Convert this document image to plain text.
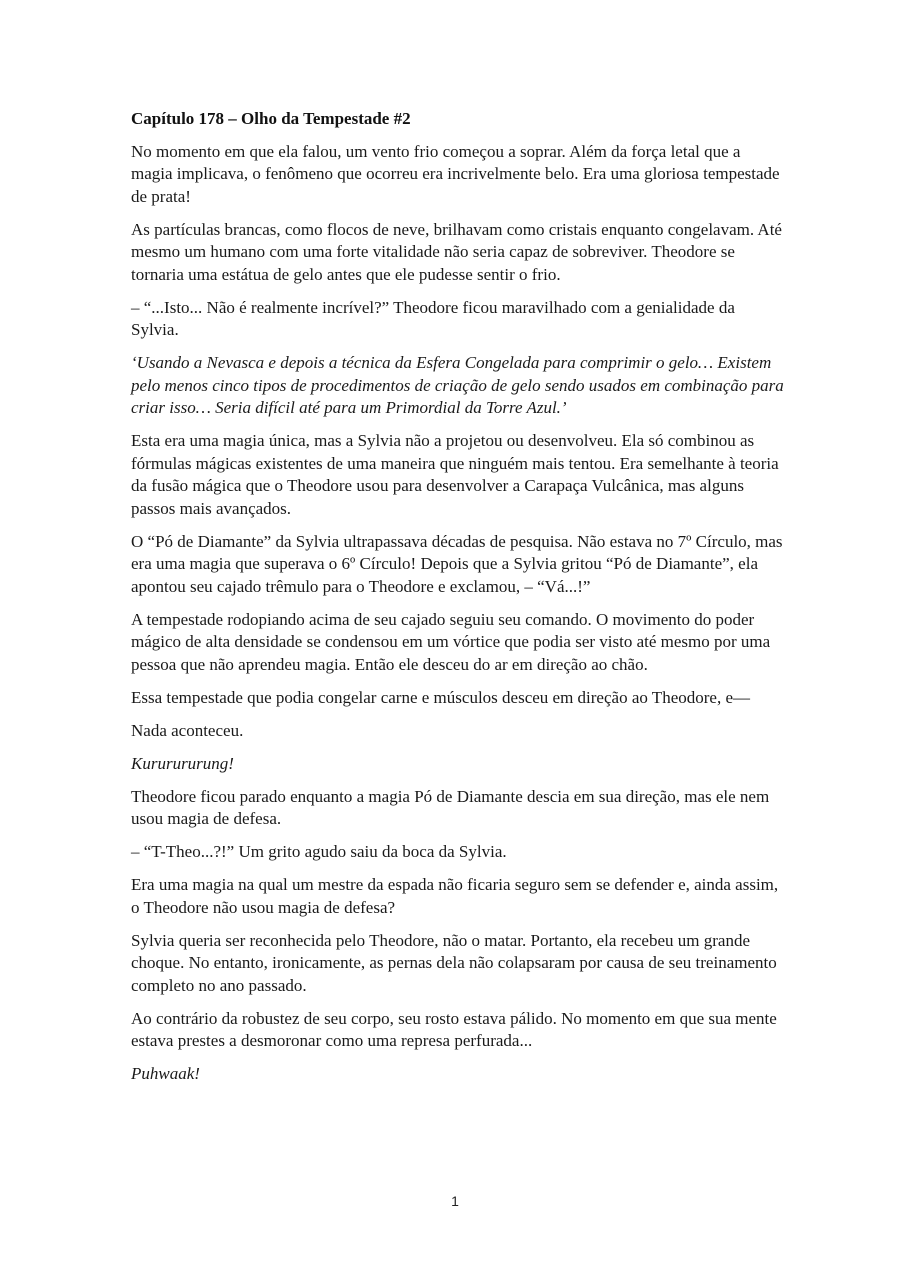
Capítulo 178 – Olho da Tempestade #2

No momento em que ela falou, um vento frio começou a soprar. Além da força letal que a magia implicava, o fenômeno que ocorreu era incrivelmente belo. Era uma gloriosa tempestade de prata!

As partículas brancas, como flocos de neve, brilhavam como cristais enquanto congelavam. Até mesmo um humano com uma forte vitalidade não seria capaz de sobreviver. Theodore se tornaria uma estátua de gelo antes que ele pudesse sentir o frio.

– “...Isto... Não é realmente incrível?” Theodore ficou maravilhado com a genialidade da Sylvia.

‘Usando a Nevasca e depois a técnica da Esfera Congelada para comprimir o gelo… Existem pelo menos cinco tipos de procedimentos de criação de gelo sendo usados em combinação para criar isso… Seria difícil até para um Primordial da Torre Azul.’

Esta era uma magia única, mas a Sylvia não a projetou ou desenvolveu. Ela só combinou as fórmulas mágicas existentes de uma maneira que ninguém mais tentou. Era semelhante à teoria da fusão mágica que o Theodore usou para desenvolver a Carapaça Vulcânica, mas alguns passos mais avançados.

O “Pó de Diamante” da Sylvia ultrapassava décadas de pesquisa. Não estava no 7º Círculo, mas era uma magia que superava o 6º Círculo! Depois que a Sylvia gritou “Pó de Diamante”, ela apontou seu cajado trêmulo para o Theodore e exclamou, – “Vá...!”

A tempestade rodopiando acima de seu cajado seguiu seu comando. O movimento do poder mágico de alta densidade se condensou em um vórtice que podia ser visto até mesmo por uma pessoa que não aprendeu magia. Então ele desceu do ar em direção ao chão.

Essa tempestade que podia congelar carne e músculos desceu em direção ao Theodore, e—

Nada aconteceu.

Kururururung!

Theodore ficou parado enquanto a magia Pó de Diamante descia em sua direção, mas ele nem usou magia de defesa.

– “T-Theo...?!” Um grito agudo saiu da boca da Sylvia.

Era uma magia na qual um mestre da espada não ficaria seguro sem se defender e, ainda assim, o Theodore não usou magia de defesa?

Sylvia queria ser reconhecida pelo Theodore, não o matar. Portanto, ela recebeu um grande choque. No entanto, ironicamente, as pernas dela não colapsaram por causa de seu treinamento completo no ano passado.

Ao contrário da robustez de seu corpo, seu rosto estava pálido. No momento em que sua mente estava prestes a desmoronar como uma represa perfurada...

Puhwaak!

1
